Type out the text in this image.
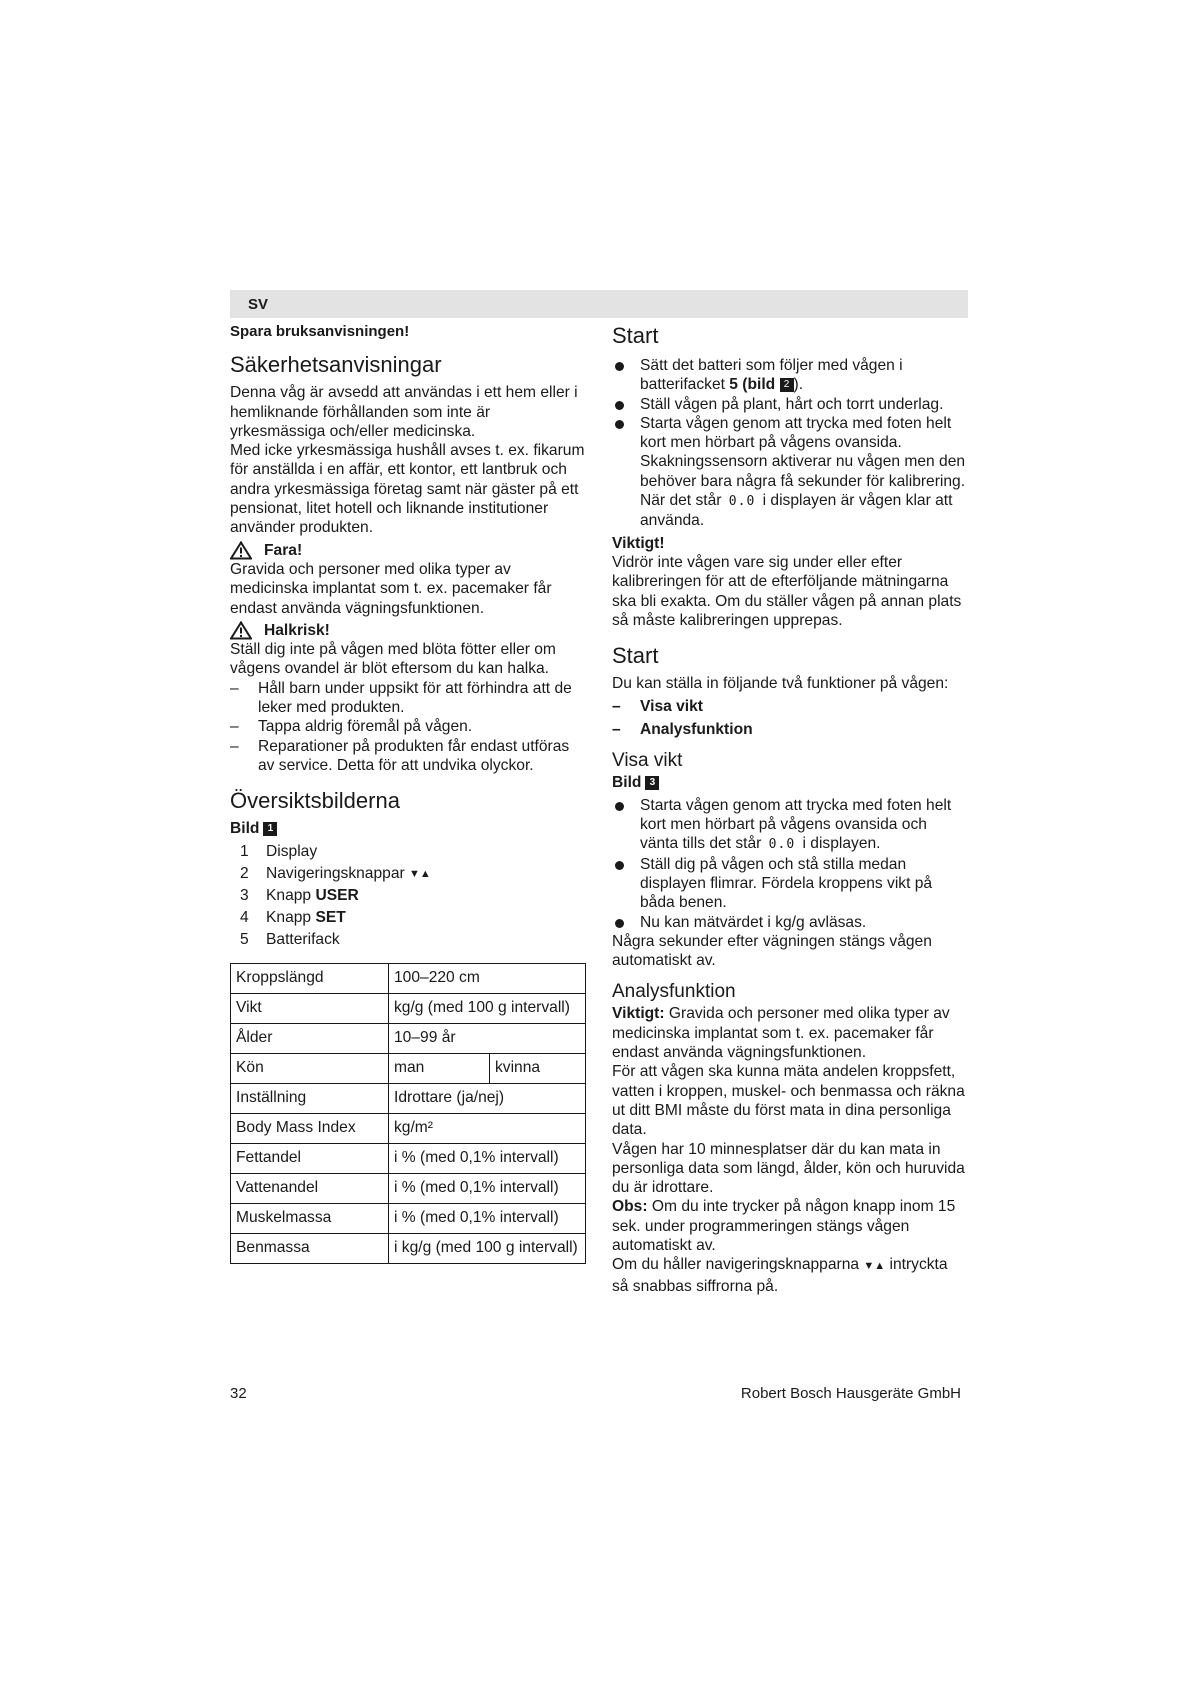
SV

Spara bruksanvisningen!

Säkerhetsanvisningar

Denna våg är avsedd att användas i ett hem eller i hemliknande förhållanden som inte är yrkesmässiga och/eller medicinska.

Med icke yrkesmässiga hushåll avses t. ex. fikarum för anställda i en affär, ett kontor, ett lantbruk och andra yrkesmässiga företag samt när gäster på ett pensionat, litet hotell och liknande institutioner använder produkten.

Fara!

Gravida och personer med olika typer av medicinska implantat som t. ex. pacemaker får endast använda vägningsfunktionen.

Halkrisk!

Ställ dig inte på vågen med blöta fötter eller om vågens ovandel är blöt eftersom du kan halka.

– Håll barn under uppsikt för att förhindra att de leker med produkten.
– Tappa aldrig föremål på vågen.
– Reparationer på produkten får endast utföras av service. Detta för att undvika olyckor.
Översiktsbilderna

Bild 1

1	Display
2	Navigeringsknappar
▼▲
3	Knapp USER
4	Knapp SET
5	Batterifack
Kroppslängd	100–220 cm	
Vikt	kg/g (med 100 g intervall)	
Ålder	10–99 år	
Kön	man	kvinna
Inställning	Idrottare (ja/nej)	
Body Mass Index	kg/m²	
Fettandel	i % (med 0,1% intervall)	
Vattenandel	i % (med 0,1% intervall)	
Muskelmassa	i % (med 0,1% intervall)	
Benmassa	i kg/g (med 100 g intervall)	
Start
Sätt det batteri som följer med vågen i batterifacket 5 (bild 2 ).
Ställ vågen på plant, hårt och torrt underlag.
Starta vågen genom att trycka med foten helt kort men hörbart på vågens ovansida. Skakningssensorn aktiverar nu vågen men den behöver bara några få sekunder för kalibrering. När det står 0.0 i displayen är vågen klar att använda.

Viktigt!

Vidrör inte vågen vare sig under eller efter kalibreringen för att de efterföljande mätningarna ska bli exakta. Om du ställer vågen på annan plats så måste kalibreringen upprepas.

Start

Du kan ställa in följande två funktioner på vågen:

– Visa vikt
– Analysfunktion
Visa vikt

Bild 3

Starta vågen genom att trycka med foten helt kort men hörbart på vågens ovansida och vänta tills det står 0.0 i displayen.
Ställ dig på vågen och stå stilla medan displayen flimrar. Fördela kroppens vikt på båda benen.
Nu kan mätvärdet i kg/g avläsas.

Några sekunder efter vägningen stängs vågen automatiskt av.

Analysfunktion

Viktigt: Gravida och personer med olika typer av medicinska implantat som t. ex. pacemaker får endast använda vägningsfunktionen.

För att vågen ska kunna mäta andelen kroppsfett, vatten i kroppen, muskel- och benmassa och räkna ut ditt BMI måste du först mata in dina personliga data.

Vågen har 10 minnesplatser där du kan mata in personliga data som längd, ålder, kön och huruvida du är idrottare.

Obs: Om du inte trycker på någon knapp inom 15 sek. under programmeringen stängs vågen automatiskt av.

Om du håller navigeringsknapparna ▼▲ intryckta så snabbas siffrorna på.

32	Robert Bosch Hausgeräte GmbH
